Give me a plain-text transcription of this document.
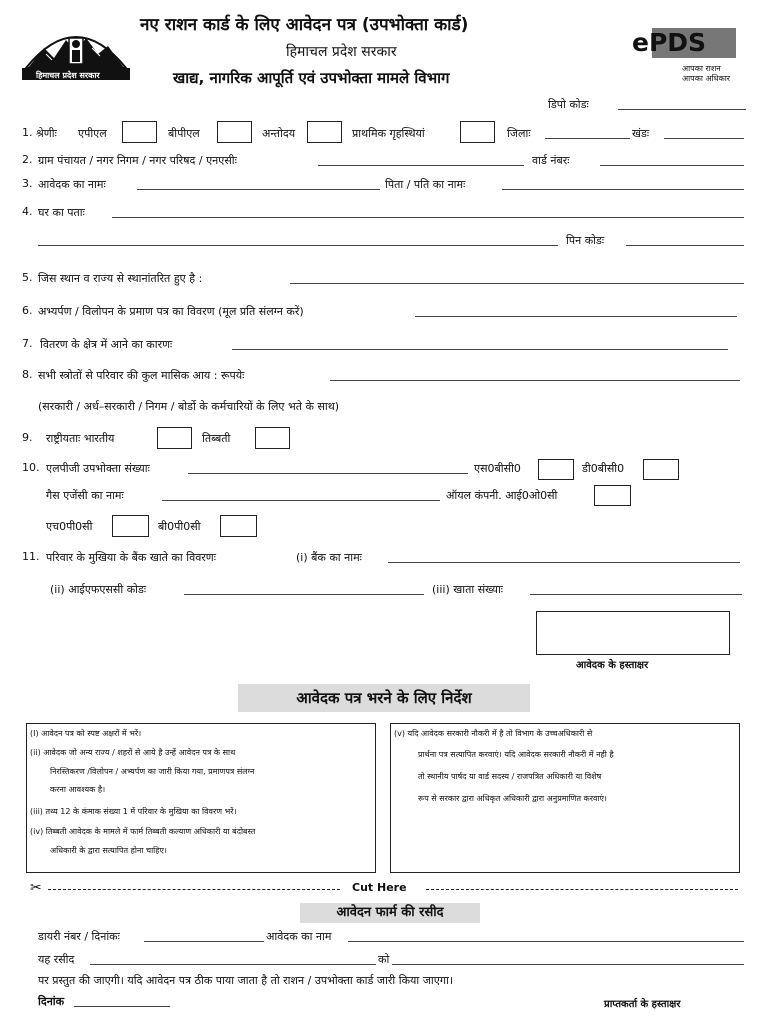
हिमाचल प्रदेश सरकार
नए राशन कार्ड के लिए आवेदन पत्र (उपभोक्ता कार्ड)
हिमाचल प्रदेश सरकार
खाद्य, नागरिक आपूर्ति एवं उपभोक्ता मामले विभाग
ePDS
आपका राशन
आपका अधिकार
डिपो कोडः
1. श्रेणीः एपीएल	बीपीएल	अन्तोदय	प्राथमिक गृहस्थियां	जिलाः	खंडः
2. ग्राम पंचायत / नगर निगम / नगर परिषद / एनएसीः	वार्ड नंबरः
3. आवेदक का नामः	पिता / पति का नामः
4. घर का पताः
पिन कोडः
5. जिस स्थान व राज्य से स्थानांतरित हुए है :
6. अभ्यर्पण / विलोपन के प्रमाण पत्र का विवरण (मूल प्रति संलग्न करें)
7. वितरण के क्षेत्र में आने का कारणः
8. सभी स्त्रोतों से परिवार की कुल मासिक आय : रूपयेः
(सरकारी / अर्ध–सरकारी / निगम / बोर्डो के कर्मचारियों के लिए भते के साथ)
9. राष्ट्रीयताः भारतीय	तिब्बती
10. एलपीजी उपभोक्ता संख्याः	एस0बीसी0	डी0बीसी0
गैस एजेंसी का नामः	ऑयल कंपनी. आई0ओ0सी
एच0पी0सी	बी0पी0सी
11. परिवार के मुखिया के बैंक खाते का विवरणः	(i) बैंक का नामः
(ii) आईएफएससी कोडः	(iii) खाता संख्याः
आवेदक के हस्ताक्षर
आवेदक पत्र भरने के लिए निर्देश
(I) आवेदन पत्र को स्पष्ट अक्षरों में भरें।
(ii) आवेदक जो अन्य राज्य / शहरों से आये है उन्हें आवेदन पत्र के साथ
निरस्तिकरण /विलोपन / अभ्यर्पण का जारी किया गया, प्रमाणपत्र संलग्न
करना आवश्यक है।
(iii) तथ्य 12 के कंमाक संख्या 1 में परिवार के मुखिया का विवरण भरें।
(iv) तिब्बती आवेदक के मामले में फार्म तिब्बती कल्याण अधिकारी या बंदोबस्त
अधिकारी के द्वारा सत्यापित होना चाहिए।
(v) यदि आवेदक सरकारी नौकरी में है तो विभाग के उच्चअधिकारी से
प्रार्थना पत्र सत्यापित करवाएं। यदि आवेदक सरकारी नौकरी में नही है
तो स्थानीय पार्षद या वार्ड सदस्य / राजपत्रित अधिकारी या विशेष
रूप से सरकार द्वारा अधिकृत अधिकारी द्वारा अनुप्रमाणित करवाएं।
✂	Cut Here
आवेदन फार्म की रसीद
डायरी नंबर / दिनांकः	आवेदक का नाम
यह रसीद	को
पर प्रस्तुत की जाएगी। यदि आवेदन पत्र ठीक पाया जाता है तो राशन / उपभोक्ता कार्ड जारी किया जाएगा।
दिनांक	प्राप्तकर्ता के हस्ताक्षर
